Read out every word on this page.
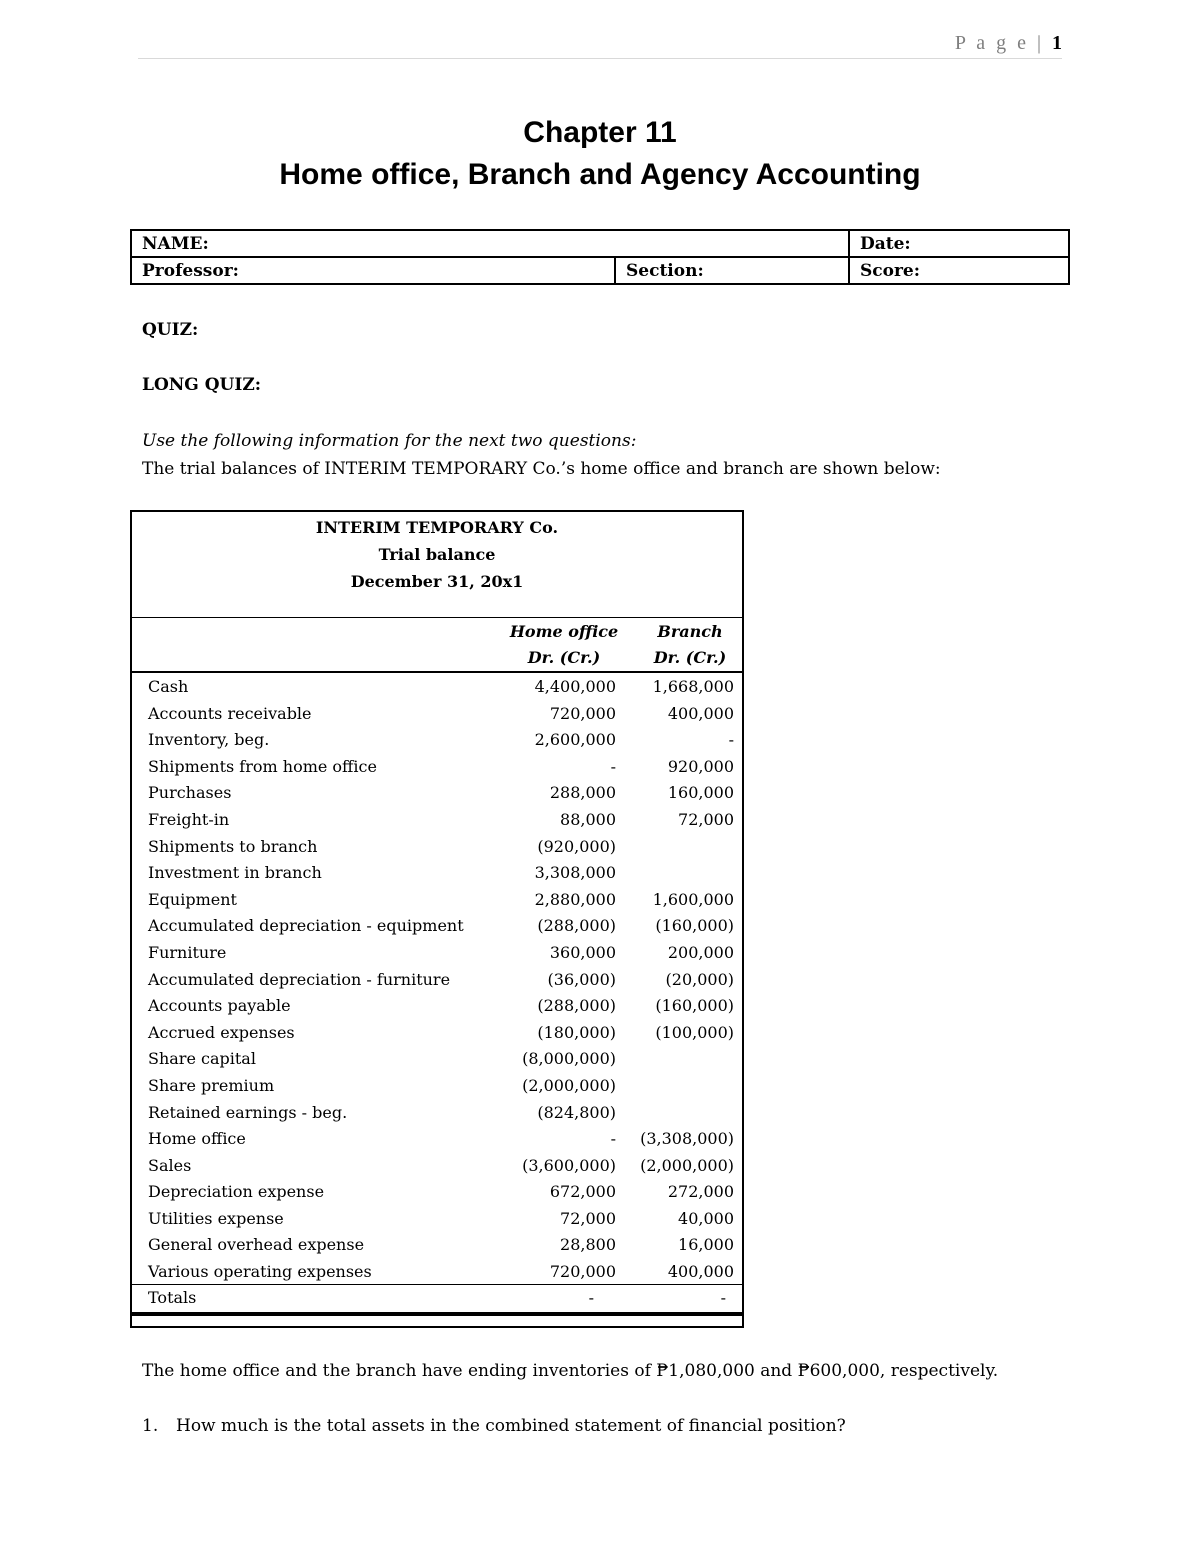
P a g e | 1
Chapter 11
Home office, Branch and Agency Accounting
NAME:		Date:
Professor:	Section:	Score:
QUIZ:
LONG QUIZ:
Use the following information for the next two questions:
The trial balances of INTERIM TEMPORARY Co.’s home office and branch are shown below:
INTERIM TEMPORARY Co.
Trial balance
December 31, 20x1
Home office
Dr. (Cr.)
Branch
Dr. (Cr.)
Cash	4,400,000	1,668,000
Accounts receivable	720,000	400,000
Inventory, beg.	2,600,000	-
Shipments from home office	-	920,000
Purchases	288,000	160,000
Freight-in	88,000	72,000
Shipments to branch	(920,000)
Investment in branch	3,308,000
Equipment	2,880,000	1,600,000
Accumulated depreciation - equipment	(288,000)	(160,000)
Furniture	360,000	200,000
Accumulated depreciation - furniture	(36,000)	(20,000)
Accounts payable	(288,000)	(160,000)
Accrued expenses	(180,000)	(100,000)
Share capital	(8,000,000)
Share premium	(2,000,000)
Retained earnings - beg.	(824,800)
Home office	-	(3,308,000)
Sales	(3,600,000)	(2,000,000)
Depreciation expense	672,000	272,000
Utilities expense	72,000	40,000
General overhead expense	28,800	16,000
Various operating expenses	720,000	400,000
Totals	-	-
The home office and the branch have ending inventories of ₱1,080,000 and ₱600,000, respectively.
1. How much is the total assets in the combined statement of financial position?
